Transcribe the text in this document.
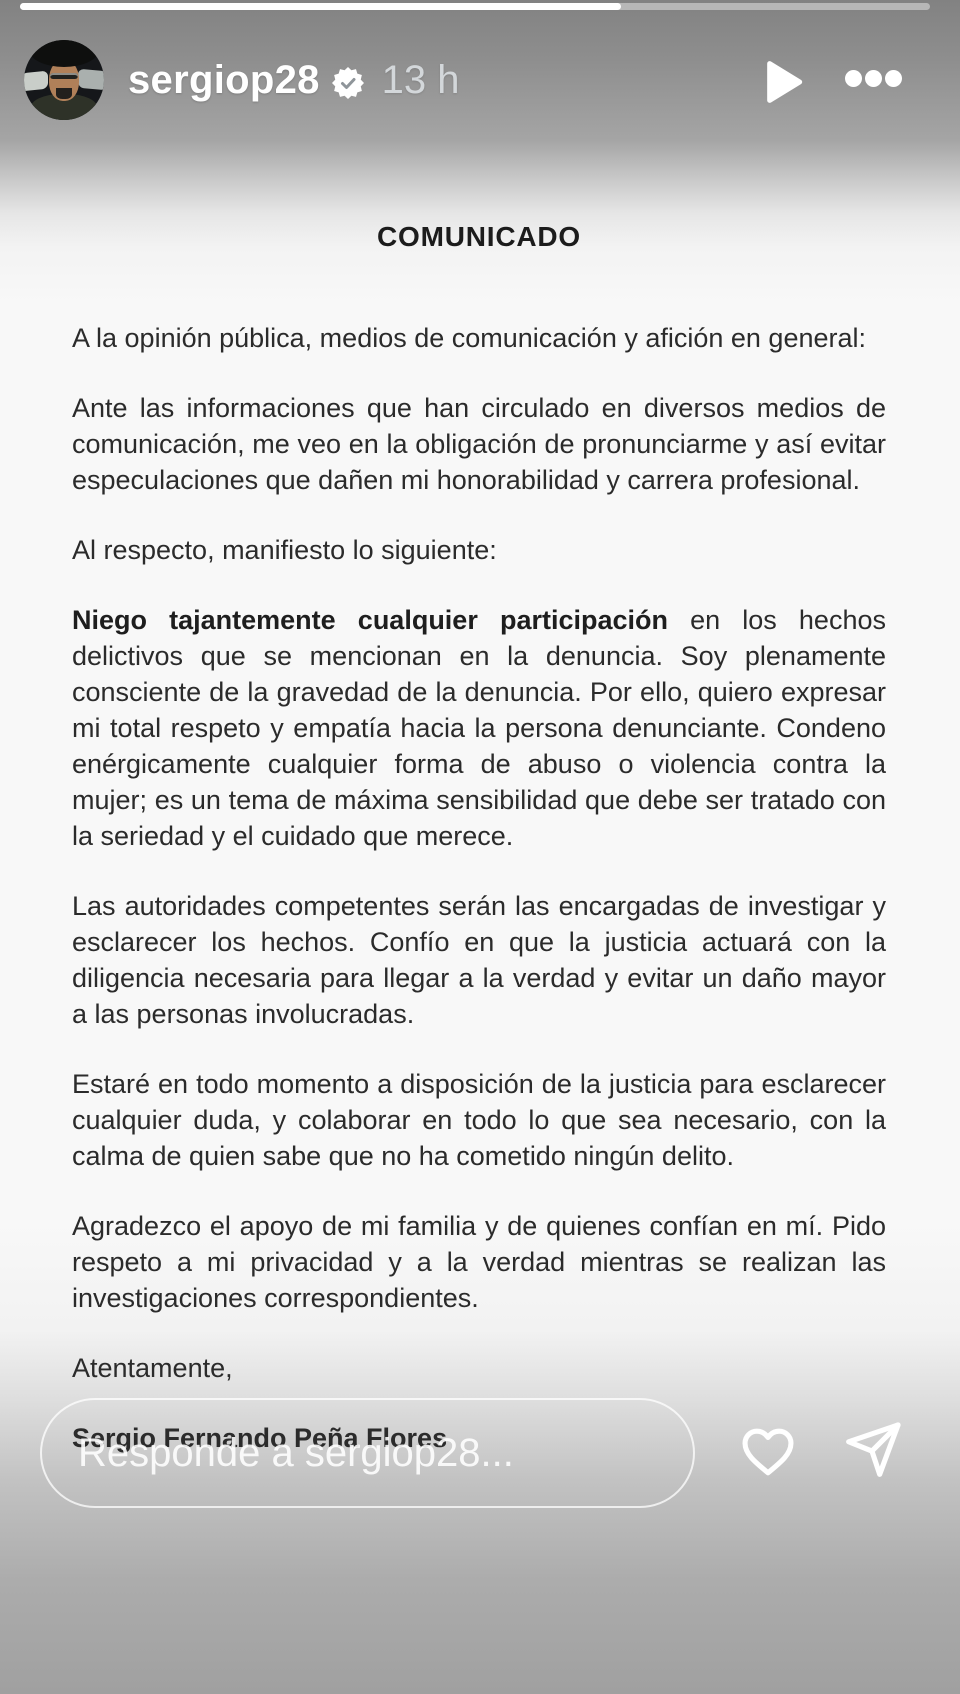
sergiop28 13 h
COMUNICADO

A la opinión pública, medios de comunicación y afición en general:

Ante las informaciones que han circulado en diversos medios de comunicación, me veo en la obligación de pronunciarme y así evitar especulaciones que dañen mi honorabilidad y carrera profesional.

Al respecto, manifiesto lo siguiente:

Niego tajantemente cualquier participación en los hechos delictivos que se mencionan en la denuncia. Soy plenamente consciente de la gravedad de la denuncia. Por ello, quiero expresar mi total respeto y empatía hacia la persona denunciante. Condeno enérgicamente cualquier forma de abuso o violencia contra la mujer; es un tema de máxima sensibilidad que debe ser tratado con la seriedad y el cuidado que merece.

Las autoridades competentes serán las encargadas de investigar y esclarecer los hechos. Confío en que la justicia actuará con la diligencia necesaria para llegar a la verdad y evitar un daño mayor a las personas involucradas.

Estaré en todo momento a disposición de la justicia para esclarecer cualquier duda, y colaborar en todo lo que sea necesario, con la calma de quien sabe que no ha cometido ningún delito.

Agradezco el apoyo de mi familia y de quienes confían en mí. Pido respeto a mi privacidad y a la verdad mientras se realizan las investigaciones correspondientes.

Atentamente,

Sergio Fernando Peña Flores

Responde a sergiop28...
